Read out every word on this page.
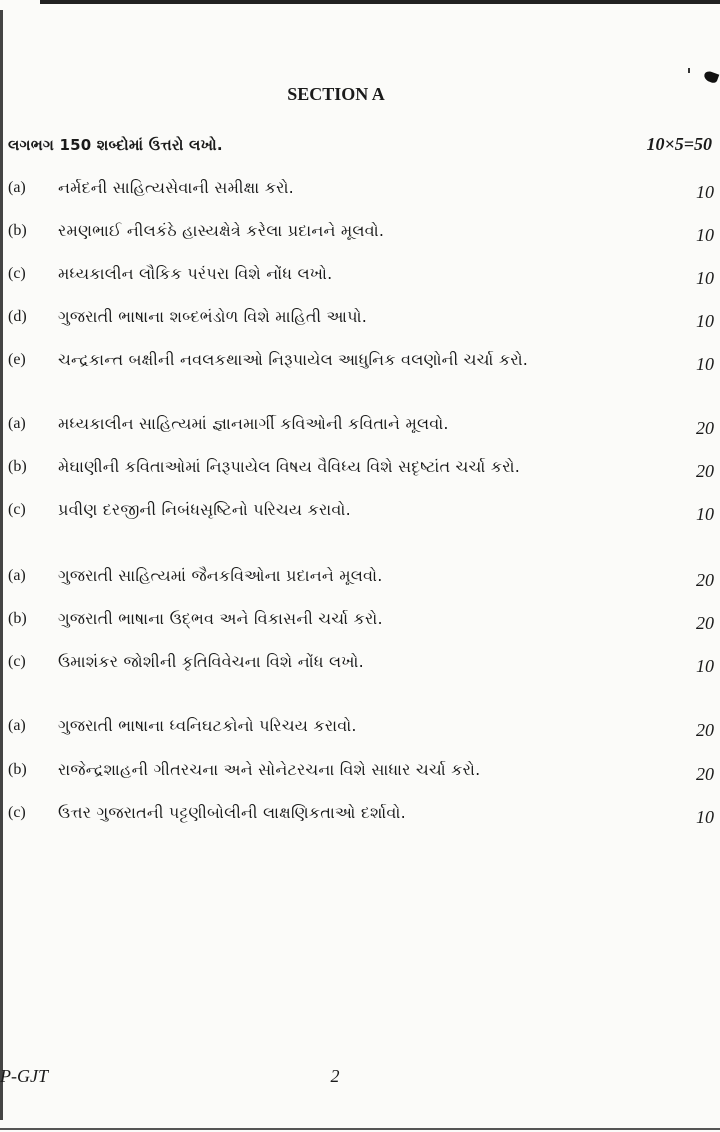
SECTION A
લગભગ 150 શબ્દોમાં ઉત્તરો લખો.	10×5=50
(a)	નર્મદની સાહિત્યસેવાની સમીક્ષા કરો.	10
(b)	રમણભાઈ નીલકંઠે હાસ્યક્ષેત્રે કરેલા પ્રદાનને મૂલવો.	10
(c)	મધ્યકાલીન લૌકિક પરંપરા વિશે નોંધ લખો.	10
(d)	ગુજરાતી ભાષાના શબ્દભંડોળ વિશે માહિતી આપો.	10
(e)	ચન્દ્રકાન્ત બક્ષીની નવલકથાઓ નિરૂપાયેલ આધુનિક વલણોની ચર્ચા કરો.	10
(a)	મધ્યકાલીન સાહિત્યમાં જ્ઞાનમાર્ગી કવિઓની કવિતાને મૂલવો.	20
(b)	મેઘાણીની કવિતાઓમાં નિરૂપાયેલ વિષય વૈવિધ્ય વિશે સદૃષ્ટાંત ચર્ચા કરો.	20
(c)	પ્રવીણ દરજીની નિબંધસૃષ્ટિનો પરિચય કરાવો.	10
(a)	ગુજરાતી સાહિત્યમાં જૈનકવિઓના પ્રદાનને મૂલવો.	20
(b)	ગુજરાતી ભાષાના ઉદ્ભવ અને વિકાસની ચર્ચા કરો.	20
(c)	ઉમાશંકર જોશીની કૃતિવિવેચના વિશે નોંધ લખો.	10
(a)	ગુજરાતી ભાષાના ધ્વનિઘટકોનો પરિચય કરાવો.	20
(b)	રાજેન્દ્રશાહની ગીતરચના અને સોનેટરચના વિશે સાધાર ચર્ચા કરો.	20
(c)	ઉત્તર ગુજરાતની પટ્ટણીબોલીની લાક્ષણિકતાઓ દર્શાવો.	10
P-GJT	2
